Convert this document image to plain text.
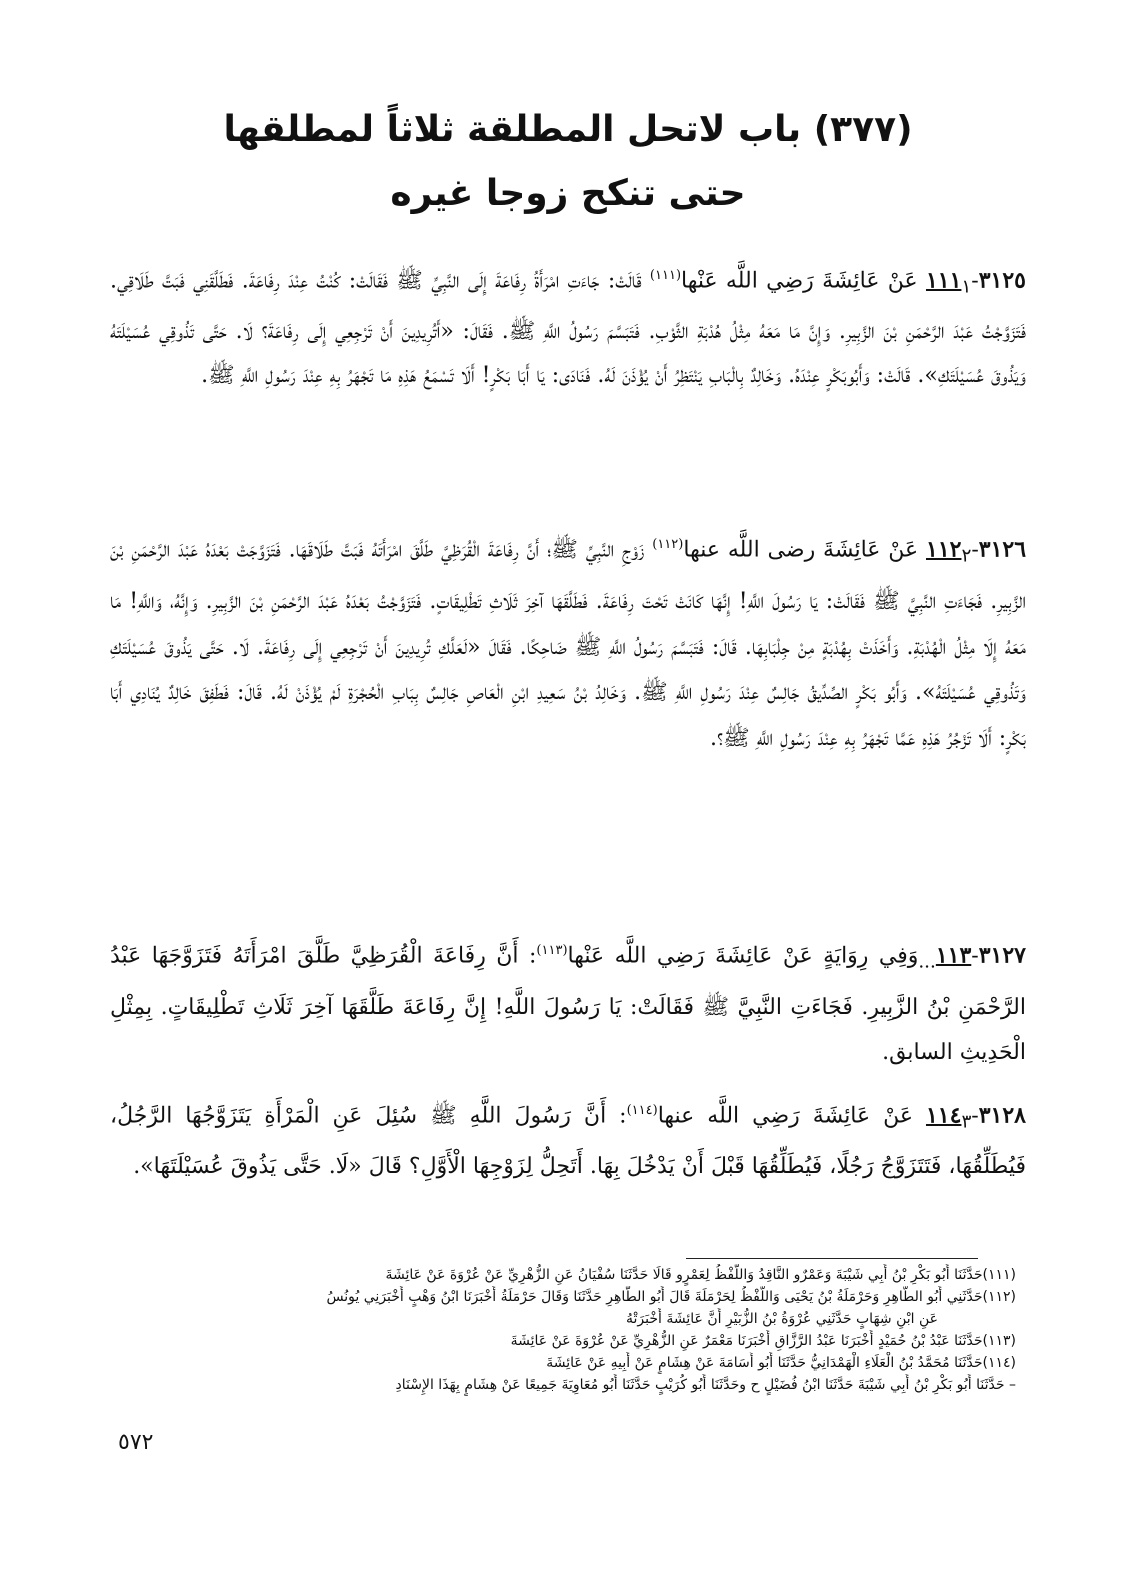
(٣٧٧) باب لاتحل المطلقة ثلاثاً لمطلقها
حتى تنكح زوجا غيره

$٣١٢٥-١١١_١$ عَنْ عَائِشَةَ رَضِي اللَّه عَنْها$^{(١١١)}$ قَالَتْ: جَاءَتِ امْرَأَةُ رِفَاعَةَ إِلَى النَّبِيِّ ﷺ فَقَالَتْ: كُنْتُ عِنْدَ رِفَاعَةَ. فَطَلَّقَنِي فَبَتَّ طَلَاقِي. فَتَزَوَّجْتُ عَبْدَ الرَّحْمَنِ بْنَ الزَّبِيرِ. وَإِنَّ مَا مَعَهُ مِثْلُ هُدْبَةِ الثَّوْبِ. فَتَبَسَّمَ رَسُولُ اللَّهِ ﷺ. فَقَالَ: «أَتُرِيدِينَ أَنْ تَرْجِعِي إِلَى رِفَاعَةَ؟ لَا. حَتَّى تَذُوقِي عُسَيْلَتَهُ وَيَذُوقَ عُسَيْلَتَكِ». قَالَتْ: وَأَبُوبَكْرٍ عِنْدَهُ. وَخَالِدٌ بِالْبَابِ يَنْتَظِرُ أَنْ يُؤْذَنَ لَهُ. فَنَادَى: يَا أَبَا بَكْرٍ! أَلَا تَسْمَعُ هَذِهِ مَا تَجْهَرُ بِهِ عِنْدَ رَسُولِ اللَّهِ ﷺ.

$٣١٢٦-١١٢_٢$ عَنْ عَائِشَةَ رضى اللَّه عنها$^{(١١٢)}$ زَوْجِ النَّبِيِّ ﷺ؛ أَنَّ رِفَاعَةَ الْقُرَظِيَّ طَلَّقَ امْرَأَتَهُ فَبَتَّ طَلَاقَهَا. فَتَزَوَّجَتْ بَعْدَهُ عَبْدَ الرَّحْمَنِ بْنَ الزَّبِيرِ. فَجَاءَتِ النَّبِيَّ ﷺ فَقَالَتْ: يَا رَسُولَ اللَّهِ! إِنَّهَا كَانَتْ تَحْتَ رِفَاعَةَ. فَطَلَّقَهَا آخِرَ ثَلَاثِ تَطْلِيقَاتٍ. فَتَزَوَّجْتُ بَعْدَهُ عَبْدَ الرَّحْمَنِ بْنَ الزَّبِيرِ. وَإِنَّهُ، وَاللَّهِ! مَا مَعَهُ إِلَا مِثْلُ الْهُدْبَةِ. وَأَخَذَتْ بِهُدْبَةٍ مِنْ جِلْبَابِهَا. قَالَ: فَتَبَسَّمَ رَسُولُ اللَّهِ ﷺ ضَاحِكًا. فَقَالَ «لَعَلَّكِ تُرِيدِينَ أَنْ تَرْجِعِي إِلَى رِفَاعَةَ. لَا. حَتَّى يَذُوقَ عُسَيْلَتَكِ وَتَذُوقِي عُسَيْلَتَهُ». وَأَبُو بَكْرٍ الصِّدِّيقُ جَالِسٌ عِنْدَ رَسُولِ اللَّهِ ﷺ. وَخَالِدُ بْنُ سَعِيدِ ابْنِ الْعَاصِ جَالِسٌ بِبَابِ الْحُجْرَةِ لَمْ يُؤْذَنْ لَهُ. قَالَ: فَطَفِقَ خَالِدٌ يُنَادِي أَبَا بَكْرٍ: أَلَا تَزْجُرُ هَذِهِ عَمَّا تَجْهَرُ بِهِ عِنْدَ رَسُولِ اللَّهِ ﷺ؟.

$٣١٢٧-١١٣_{...}وَفِي$ رِوَايَةٍ عَنْ عَائِشَةَ رَضِي اللَّه عَنْها$^{(١١٣)}$: أَنَّ رِفَاعَةَ الْقُرَظِيَّ طَلَّقَ امْرَأَتَهُ فَتَزَوَّجَهَا عَبْدُ الرَّحْمَنِ بْنُ الزَّبِيرِ. فَجَاءَتِ النَّبِيَّ ﷺ فَقَالَتْ: يَا رَسُولَ اللَّهِ! إِنَّ رِفَاعَةَ طَلَّقَهَا آخِرَ ثَلَاثِ تَطْلِيقَاتٍ. بِمِثْلِ الْحَدِيثِ السابق.

$٣١٢٨-١١٤_٣$ عَنْ عَائِشَةَ رَضِي اللَّه عنها$^{(١١٤)}$: أَنَّ رَسُولَ اللَّهِ ﷺ سُئِلَ عَنِ الْمَرْأَةِ يَتَزَوَّجُهَا الرَّجُلُ، فَيُطَلِّقُهَا، فَتَتَزَوَّجُ رَجُلًا، فَيُطَلِّقُهَا قَبْلَ أَنْ يَدْخُلَ بِهَا. أَتَحِلُّ لِزَوْجِهَا الْأَوَّلِ؟ قَالَ «لَا. حَتَّى يَذُوقَ عُسَيْلَتَهَا».

(١١١)حَدَّثَنَا أَبُو بَكْرِ بْنُ أَبِي شَيْبَةَ وَعَمْرٌو النَّاقِدُ وَاللَّفْظُ لِعَمْرٍو قَالَا حَدَّثَنَا سُفْيَانُ عَنِ الزُّهْرِيِّ عَنْ عُرْوَةَ عَنْ عَائِشَةَ
(١١٢)حَدَّثَنِي أَبُو الطَّاهِرِ وَحَرْمَلَةُ بْنُ يَحْيَى وَاللَّفْظُ لِحَرْمَلَةَ قَالَ أَبُو الطَّاهِرِ حَدَّثَنَا وَقَالَ حَرْمَلَةُ أَخْبَرَنَا ابْنُ وَهْبٍ أَخْبَرَنِي يُونُسُ
عَنِ ابْنِ شِهَابٍ حَدَّثَنِي عُرْوَةُ بْنُ الزُّبَيْرِ أَنَّ عَائِشَةَ أَخْبَرَتْهُ
(١١٣)حَدَّثَنَا عَبْدُ بْنُ حُمَيْدٍ أَخْبَرَنَا عَبْدُ الرَّزَّاقِ أَخْبَرَنَا مَعْمَرٌ عَنِ الزُّهْرِيِّ عَنْ عُرْوَةَ عَنْ عَائِشَةَ
(١١٤)حَدَّثَنَا مُحَمَّدُ بْنُ الْعَلَاءِ الْهَمْدَانِيُّ حَدَّثَنَا أَبُو أُسَامَةَ عَنْ هِشَامٍ عَنْ أَبِيهِ عَنْ عَائِشَةَ
– حَدَّثَنَا أَبُو بَكْرِ بْنُ أَبِي شَيْبَةَ حَدَّثَنَا ابْنُ فُضَيْلٍ ح وحَدَّثَنَا أَبُو كُرَيْبٍ حَدَّثَنَا أَبُو مُعَاوِيَةَ جَمِيعًا عَنْ هِشَامٍ بِهَذَا الإِسْنَادِ
٥٧٢
